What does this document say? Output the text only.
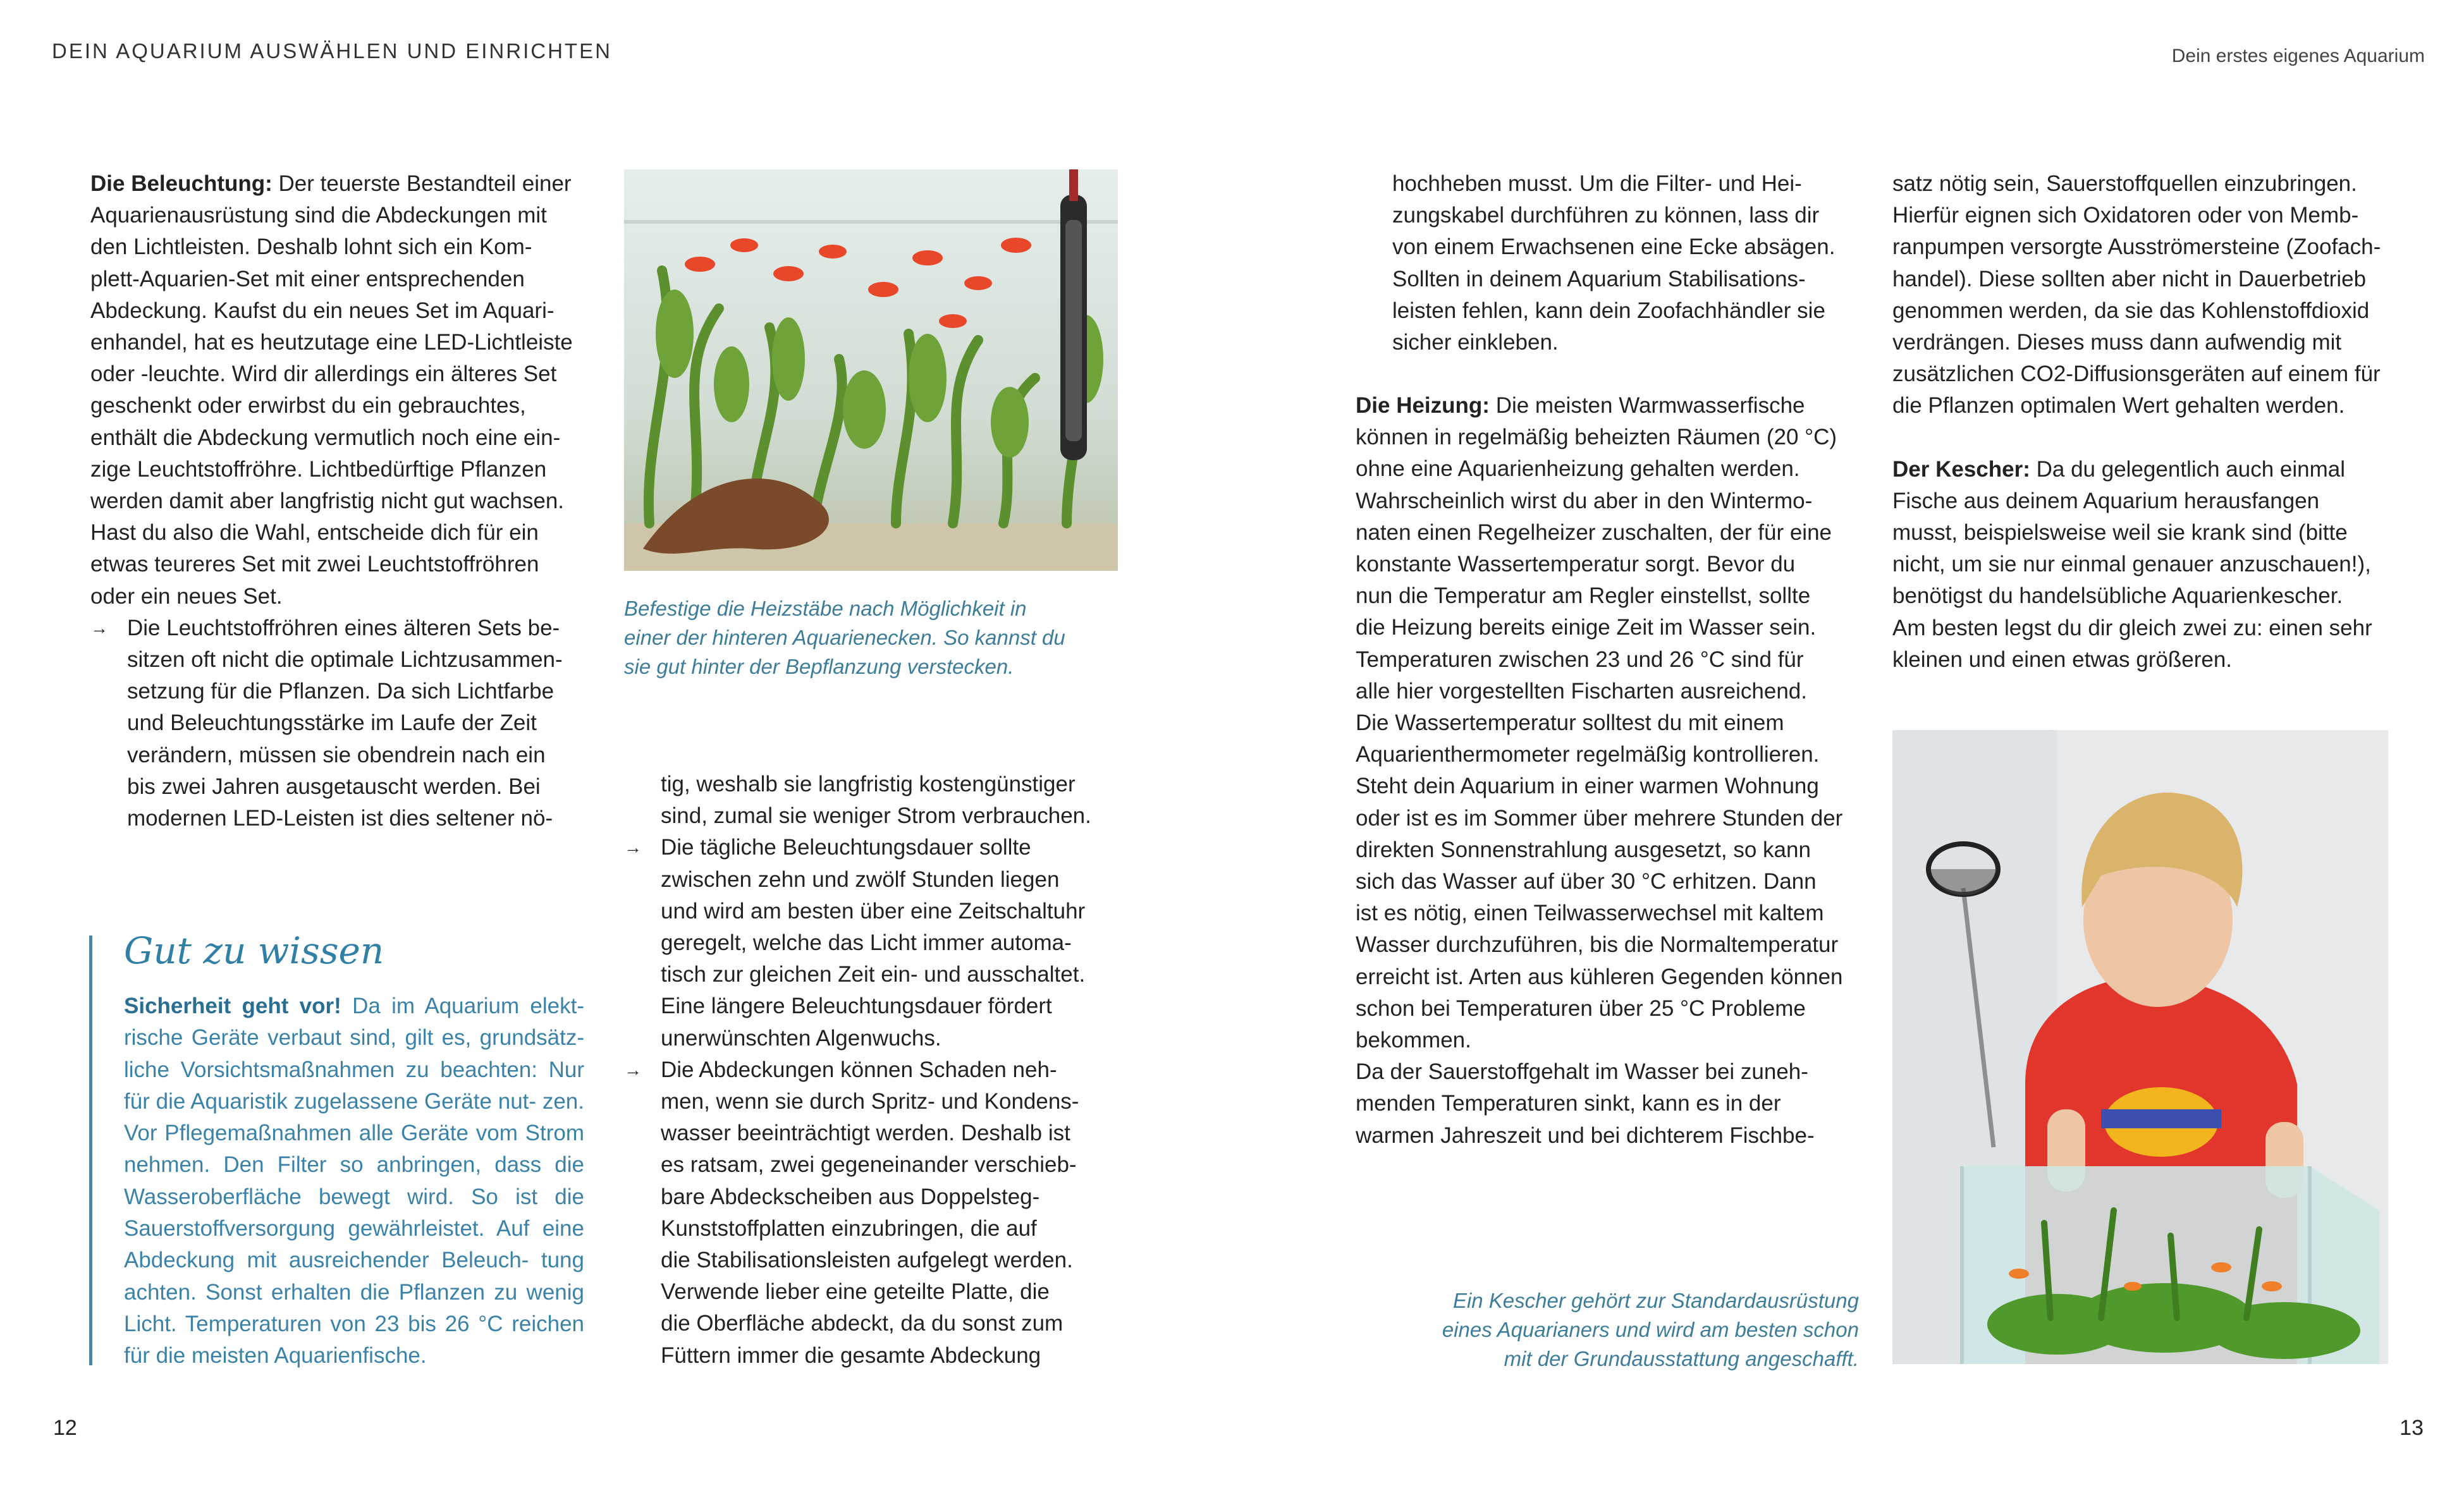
DEIN AQUARIUM AUSWÄHLEN UND EINRICHTEN	Dein erstes eigenes Aquarium

Die Beleuchtung: Der teuerste Bestandteil einer
Aquarienausrüstung sind die Abdeckungen mit
den Lichtleisten. Deshalb lohnt sich ein Kom-
plett-Aquarien-Set mit einer entsprechenden
Abdeckung. Kaufst du ein neues Set im Aquari-
enhandel, hat es heutzutage eine LED-Lichtleiste
oder -leuchte. Wird dir allerdings ein älteres Set
geschenkt oder erwirbst du ein gebrauchtes,
enthält die Abdeckung vermutlich noch eine ein-
zige Leuchtstoffröhre. Lichtbedürftige Pflanzen
werden damit aber langfristig nicht gut wachsen.
Hast du also die Wahl, entscheide dich für ein
etwas teureres Set mit zwei Leuchtstoffröhren
oder ein neues Set.

→ Die Leuchtstoffröhren eines älteren Sets be-
sitzen oft nicht die optimale Lichtzusammen-
setzung für die Pflanzen. Da sich Lichtfarbe
und Beleuchtungsstärke im Laufe der Zeit
verändern, müssen sie obendrein nach ein
bis zwei Jahren ausgetauscht werden. Bei
modernen LED-Leisten ist dies seltener nö-
Gut zu wissen
Sicherheit geht vor! Da im Aquarium elekt- rische Geräte verbaut sind, gilt es, grundsätz- liche Vorsichtsmaßnahmen zu beachten: Nur für die Aquaristik zugelassene Geräte nut- zen. Vor Pflegemaßnahmen alle Geräte vom Strom nehmen. Den Filter so anbringen, dass die Wasseroberfläche bewegt wird. So ist die Sauerstoffversorgung gewährleistet. Auf eine Abdeckung mit ausreichender Beleuch- tung achten. Sonst erhalten die Pflanzen zu wenig Licht. Temperaturen von 23 bis 26 °C reichen für die meisten Aquarienfische.
Befestige die Heizstäbe nach Möglichkeit in
einer der hinteren Aquarienecken. So kannst du
sie gut hinter der Bepflanzung verstecken.

tig, weshalb sie langfristig kostengünstiger
sind, zumal sie weniger Strom verbrauchen.

→ Die tägliche Beleuchtungsdauer sollte
zwischen zehn und zwölf Stunden liegen
und wird am besten über eine Zeitschaltuhr
geregelt, welche das Licht immer automa-
tisch zur gleichen Zeit ein- und ausschaltet.
Eine längere Beleuchtungsdauer fördert
unerwünschten Algenwuchs.
→ Die Abdeckungen können Schaden neh-
men, wenn sie durch Spritz- und Kondens-
wasser beeinträchtigt werden. Deshalb ist
es ratsam, zwei gegeneinander verschieb-
bare Abdeckscheiben aus Doppelsteg-
Kunststoffplatten einzubringen, die auf
die Stabilisationsleisten aufgelegt werden.
Verwende lieber eine geteilte Platte, die
die Oberfläche abdeckt, da du sonst zum
Füttern immer die gesamte Abdeckung

hochheben musst. Um die Filter- und Hei-
zungskabel durchführen zu können, lass dir
von einem Erwachsenen eine Ecke absägen.
Sollten in deinem Aquarium Stabilisations-
leisten fehlen, kann dein Zoofachhändler sie
sicher einkleben.

Die Heizung: Die meisten Warmwasserfische
können in regelmäßig beheizten Räumen (20 °C)
ohne eine Aquarienheizung gehalten werden.
Wahrscheinlich wirst du aber in den Wintermo-
naten einen Regelheizer zuschalten, der für eine
konstante Wassertemperatur sorgt. Bevor du
nun die Temperatur am Regler einstellst, sollte
die Heizung bereits einige Zeit im Wasser sein.
Temperaturen zwischen 23 und 26 °C sind für
alle hier vorgestellten Fischarten ausreichend.
Die Wassertemperatur solltest du mit einem
Aquarienthermometer regelmäßig kontrollieren.
Steht dein Aquarium in einer warmen Wohnung
oder ist es im Sommer über mehrere Stunden der
direkten Sonnenstrahlung ausgesetzt, so kann
sich das Wasser auf über 30 °C erhitzen. Dann
ist es nötig, einen Teilwasserwechsel mit kaltem
Wasser durchzuführen, bis die Normaltemperatur
erreicht ist. Arten aus kühleren Gegenden können
schon bei Temperaturen über 25 °C Probleme
bekommen.
Da der Sauerstoffgehalt im Wasser bei zuneh-
menden Temperaturen sinkt, kann es in der
warmen Jahreszeit und bei dichterem Fischbe-

satz nötig sein, Sauerstoffquellen einzubringen.
Hierfür eignen sich Oxidatoren oder von Memb-
ranpumpen versorgte Ausströmersteine (Zoofach-
handel). Diese sollten aber nicht in Dauerbetrieb
genommen werden, da sie das Kohlenstoffdioxid
verdrängen. Dieses muss dann aufwendig mit
zusätzlichen CO2-Diffusionsgeräten auf einem für
die Pflanzen optimalen Wert gehalten werden.

Der Kescher: Da du gelegentlich auch einmal
Fische aus deinem Aquarium herausfangen
musst, beispielsweise weil sie krank sind (bitte
nicht, um sie nur einmal genauer anzuschauen!),
benötigst du handelsübliche Aquarienkescher.
Am besten legst du dir gleich zwei zu: einen sehr
kleinen und einen etwas größeren.

Ein Kescher gehört zur Standardausrüstung
eines Aquarianers und wird am besten schon
mit der Grundausstattung angeschafft.
12	13
